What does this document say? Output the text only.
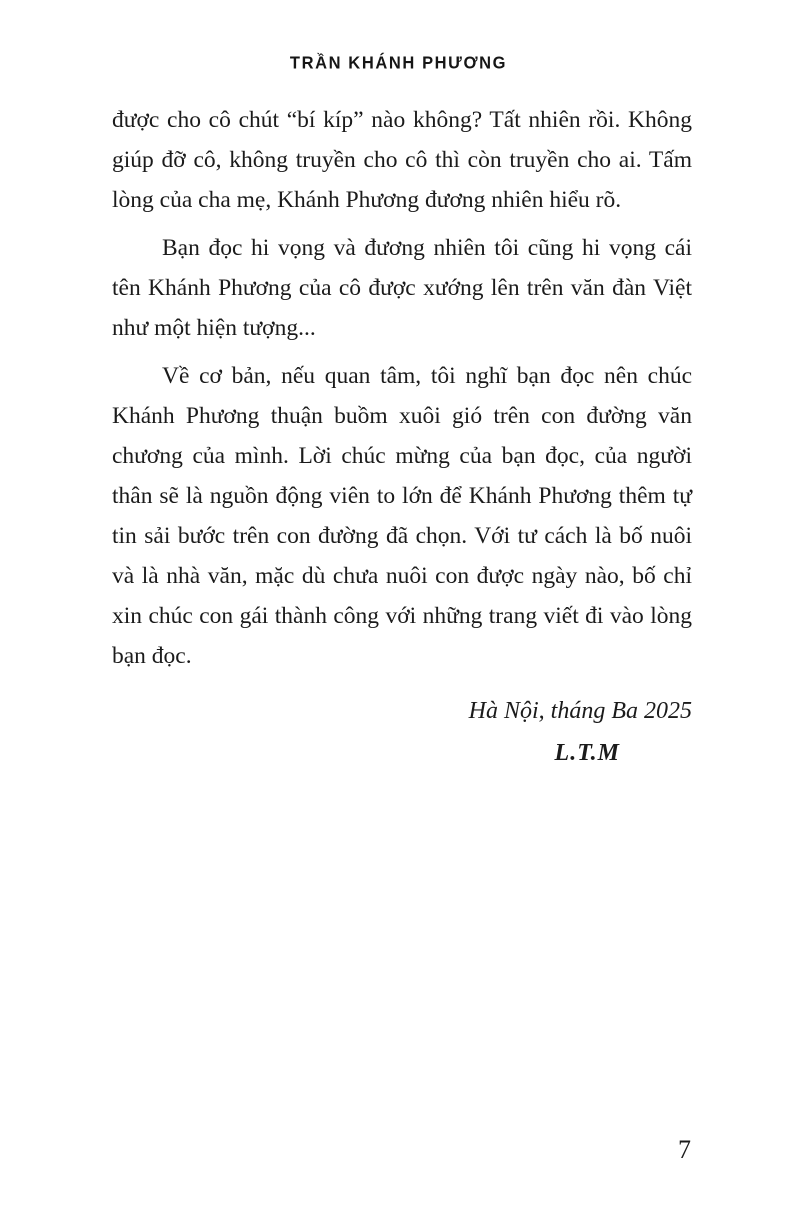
TRẦN KHÁNH PHƯƠNG

được cho cô chút “bí kíp” nào không? Tất nhiên rồi. Không giúp đỡ cô, không truyền cho cô thì còn truyền cho ai. Tấm lòng của cha mẹ, Khánh Phương đương nhiên hiểu rõ.

Bạn đọc hi vọng và đương nhiên tôi cũng hi vọng cái tên Khánh Phương của cô được xướng lên trên văn đàn Việt như một hiện tượng...

Về cơ bản, nếu quan tâm, tôi nghĩ bạn đọc nên chúc Khánh Phương thuận buồm xuôi gió trên con đường văn chương của mình. Lời chúc mừng của bạn đọc, của người thân sẽ là nguồn động viên to lớn để Khánh Phương thêm tự tin sải bước trên con đường đã chọn. Với tư cách là bố nuôi và là nhà văn, mặc dù chưa nuôi con được ngày nào, bố chỉ xin chúc con gái thành công với những trang viết đi vào lòng bạn đọc.

Hà Nội, tháng Ba 2025
L.T.M
7
